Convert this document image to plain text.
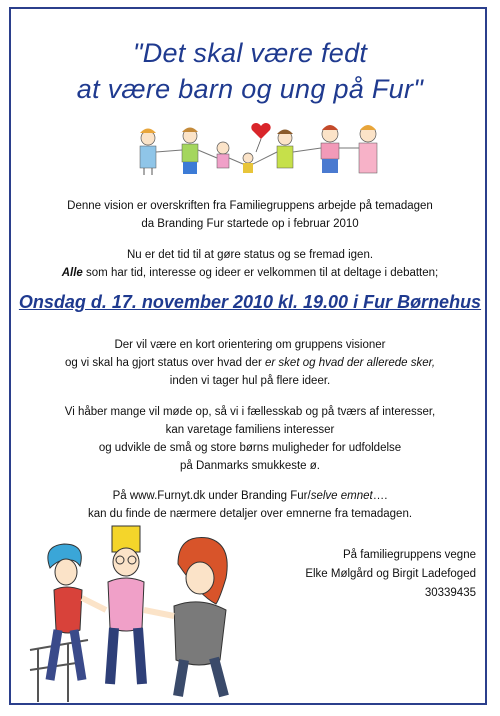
"Det skal være fedt
at være barn og ung på Fur"
Denne vision er overskriften fra Familiegruppens arbejde på temadagen
da Branding Fur startede op i februar 2010
Nu er det tid til at gøre status og se fremad igen.
Alle som har tid, interesse og ideer er velkommen til at deltage i debatten;
Onsdag d. 17. november 2010 kl. 19.00 i Fur Børnehus
Der vil være en kort orientering om gruppens visioner
og vi skal ha gjort status over hvad der er sket og hvad der allerede sker,
inden vi tager hul på flere ideer.
Vi håber mange vil møde op, så vi i fællesskab og på tværs af interesser,
kan varetage familiens interesser
og udvikle de små og store børns muligheder for udfoldelse
på Danmarks smukkeste ø.
På www.Furnyt.dk under Branding Fur/selve emnet….
kan du finde de nærmere detaljer over emnerne fra temadagen.
På familiegruppens vegne
Elke Mølgård og Birgit Ladefoged
30339435
